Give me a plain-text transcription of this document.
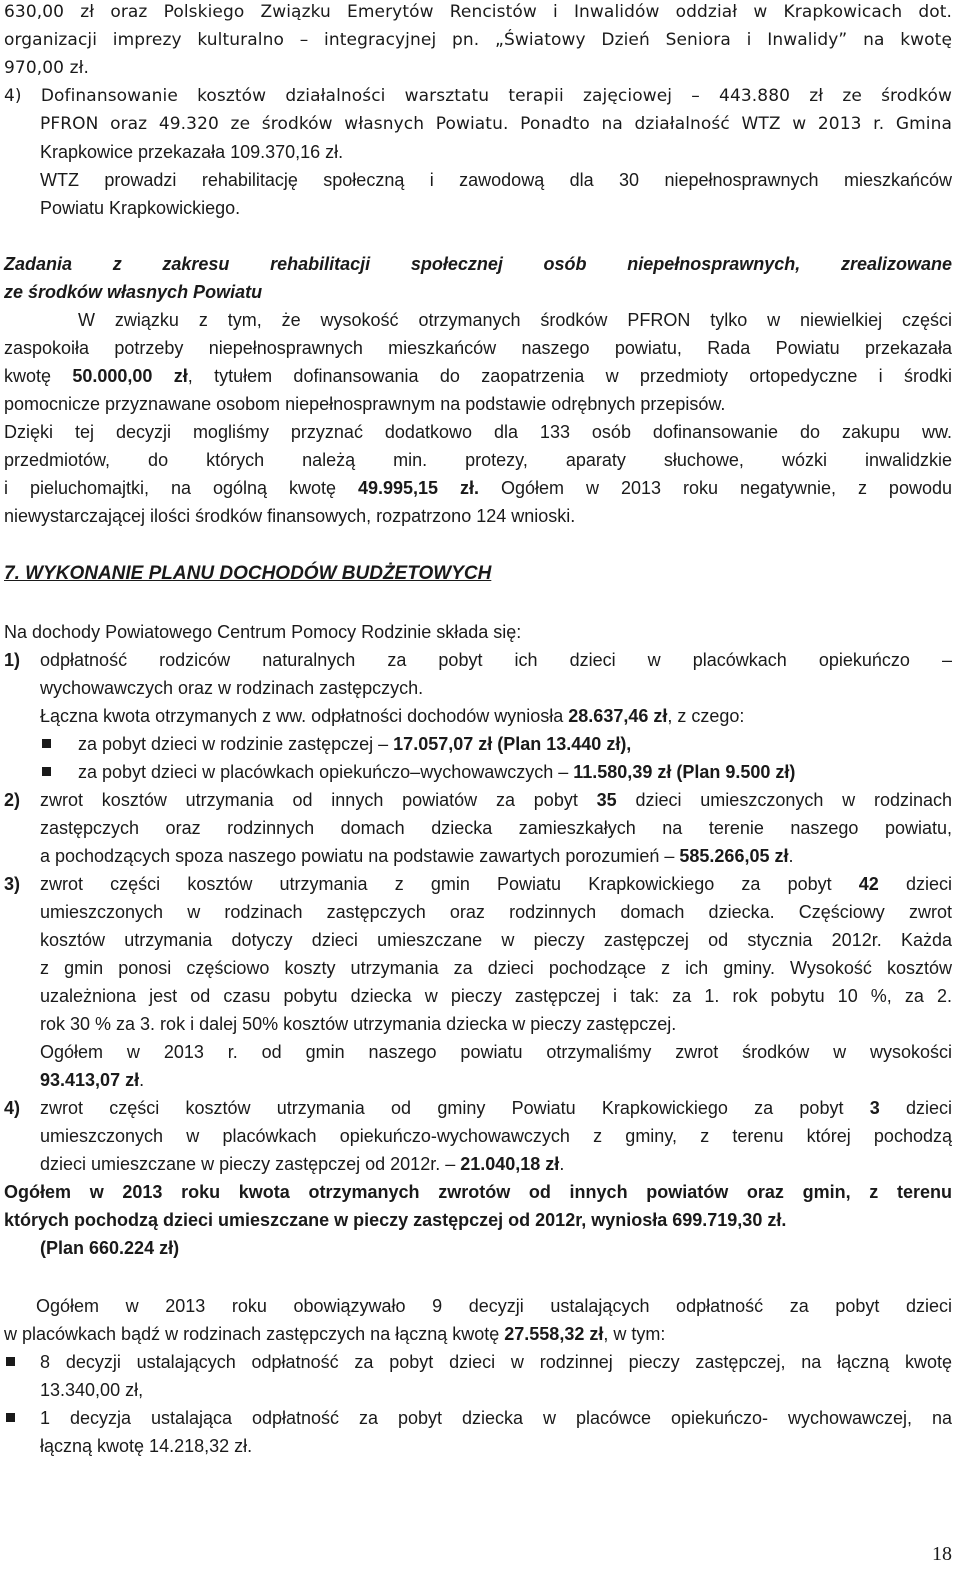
630,00 zł oraz Polskiego Związku Emerytów Rencistów i Inwalidów oddział w Krapkowicach dot.
organizacji imprezy kulturalno – integracyjnej pn. „Światowy Dzień Seniora i Inwalidy” na kwotę
970,00 zł.
4) Dofinansowanie kosztów działalności warsztatu terapii zajęciowej – 443.880 zł ze środków
PFRON oraz 49.320 ze środków własnych Powiatu. Ponadto na działalność WTZ w 2013 r. Gmina
Krapkowice przekazała 109.370,16 zł.
WTZ prowadzi rehabilitację społeczną i zawodową dla 30 niepełnosprawnych mieszkańców
Powiatu Krapkowickiego.
Zadania z zakresu rehabilitacji społecznej osób niepełnosprawnych, zrealizowane
ze środków własnych Powiatu
W związku z tym, że wysokość otrzymanych środków PFRON tylko w niewielkiej części
zaspokoiła potrzeby niepełnosprawnych mieszkańców naszego powiatu, Rada Powiatu przekazała
kwotę 50.000,00 zł, tytułem dofinansowania do zaopatrzenia w przedmioty ortopedyczne i środki
pomocnicze przyznawane osobom niepełnosprawnym na podstawie odrębnych przepisów.
Dzięki tej decyzji mogliśmy przyznać dodatkowo dla 133 osób dofinansowanie do zakupu ww.
przedmiotów, do których należą min. protezy, aparaty słuchowe, wózki inwalidzkie
i pieluchomajtki, na ogólną kwotę 49.995,15 zł. Ogółem w 2013 roku negatywnie, z powodu
niewystarczającej ilości środków finansowych, rozpatrzono 124 wnioski.
7. WYKONANIE PLANU DOCHODÓW BUDŻETOWYCH
Na dochody Powiatowego Centrum Pomocy Rodzinie składa się:
1) odpłatność rodziców naturalnych za pobyt ich dzieci w placówkach opiekuńczo –
wychowawczych oraz w rodzinach zastępczych.
Łączna kwota otrzymanych z ww. odpłatności dochodów wyniosła 28.637,46 zł, z czego:
za pobyt dzieci w rodzinie zastępczej – 17.057,07 zł (Plan 13.440 zł),
za pobyt dzieci w placówkach opiekuńczo–wychowawczych – 11.580,39 zł (Plan 9.500 zł)
2) zwrot kosztów utrzymania od innych powiatów za pobyt 35 dzieci umieszczonych w rodzinach
zastępczych oraz rodzinnych domach dziecka zamieszkałych na terenie naszego powiatu,
a pochodzących spoza naszego powiatu na podstawie zawartych porozumień – 585.266,05 zł.
3) zwrot części kosztów utrzymania z gmin Powiatu Krapkowickiego za pobyt 42 dzieci
umieszczonych w rodzinach zastępczych oraz rodzinnych domach dziecka. Częściowy zwrot
kosztów utrzymania dotyczy dzieci umieszczane w pieczy zastępczej od stycznia 2012r. Każda
z gmin ponosi częściowo koszty utrzymania za dzieci pochodzące z ich gminy. Wysokość kosztów
uzależniona jest od czasu pobytu dziecka w pieczy zastępczej i tak: za 1. rok pobytu 10 %, za 2.
rok 30 % za 3. rok i dalej 50% kosztów utrzymania dziecka w pieczy zastępczej.
Ogółem w 2013 r. od gmin naszego powiatu otrzymaliśmy zwrot środków w wysokości
93.413,07 zł.
4) zwrot części kosztów utrzymania od gminy Powiatu Krapkowickiego za pobyt 3 dzieci
umieszczonych w placówkach opiekuńczo-wychowawczych z gminy, z terenu której pochodzą
dzieci umieszczane w pieczy zastępczej od 2012r. – 21.040,18 zł.
Ogółem w 2013 roku kwota otrzymanych zwrotów od innych powiatów oraz gmin, z terenu
których pochodzą dzieci umieszczane w pieczy zastępczej od 2012r, wyniosła 699.719,30 zł.
(Plan 660.224 zł)
Ogółem w 2013 roku obowiązywało 9 decyzji ustalających odpłatność za pobyt dzieci
w placówkach bądź w rodzinach zastępczych na łączną kwotę 27.558,32 zł, w tym:
8 decyzji ustalających odpłatność za pobyt dzieci w rodzinnej pieczy zastępczej, na łączną kwotę
13.340,00 zł,
1 decyzja ustalająca odpłatność za pobyt dziecka w placówce opiekuńczo- wychowawczej, na
łączną kwotę 14.218,32 zł.
18
